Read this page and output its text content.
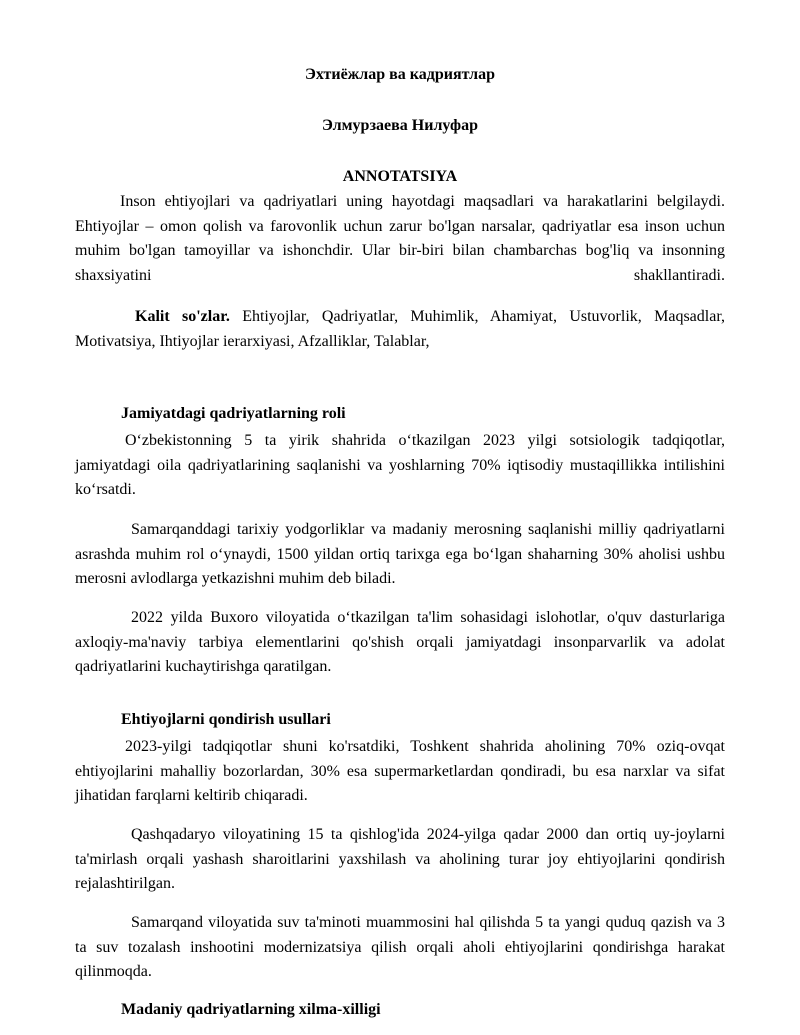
Эхтиёжлар ва кадриятлар
Элмурзаева Нилуфар
ANNOTATSIYA
Inson ehtiyojlari va qadriyatlari uning hayotdagi maqsadlari va harakatlarini belgilaydi. Ehtiyojlar – omon qolish va farovonlik uchun zarur bo'lgan narsalar, qadriyatlar esa inson uchun muhim bo'lgan tamoyillar va ishonchdir. Ular bir-biri bilan chambarchas bog'liq va insonning shaxsiyatini shakllantiradi.
Kalit so'zlar. Ehtiyojlar, Qadriyatlar, Muhimlik, Ahamiyat, Ustuvorlik, Maqsadlar, Motivatsiya, Ihtiyojlar ierarxiyasi, Afzalliklar, Talablar,
Jamiyatdagi qadriyatlarning roli
O‘zbekistonning 5 ta yirik shahrida o‘tkazilgan 2023 yilgi sotsiologik tadqiqotlar, jamiyatdagi oila qadriyatlarining saqlanishi va yoshlarning 70% iqtisodiy mustaqillikka intilishini ko‘rsatdi.
Samarqanddagi tarixiy yodgorliklar va madaniy merosning saqlanishi milliy qadriyatlarni asrashda muhim rol o‘ynaydi, 1500 yildan ortiq tarixga ega bo‘lgan shaharning 30% aholisi ushbu merosni avlodlarga yetkazishni muhim deb biladi.
2022 yilda Buxoro viloyatida o‘tkazilgan ta'lim sohasidagi islohotlar, o'quv dasturlariga axloqiy-ma'naviy tarbiya elementlarini qo'shish orqali jamiyatdagi insonparvarlik va adolat qadriyatlarini kuchaytirishga qaratilgan.
Ehtiyojlarni qondirish usullari
2023-yilgi tadqiqotlar shuni ko'rsatdiki, Toshkent shahrida aholining 70% oziq-ovqat ehtiyojlarini mahalliy bozorlardan, 30% esa supermarketlardan qondiradi, bu esa narxlar va sifat jihatidan farqlarni keltirib chiqaradi.
Qashqadaryo viloyatining 15 ta qishlog'ida 2024-yilga qadar 2000 dan ortiq uy-joylarni ta'mirlash orqali yashash sharoitlarini yaxshilash va aholining turar joy ehtiyojlarini qondirish rejalashtirilgan.
Samarqand viloyatida suv ta'minoti muammosini hal qilishda 5 ta yangi quduq qazish va 3 ta suv tozalash inshootini modernizatsiya qilish orqali aholi ehtiyojlarini qondirishga harakat qilinmoqda.
Madaniy qadriyatlarning xilma-xilligi
